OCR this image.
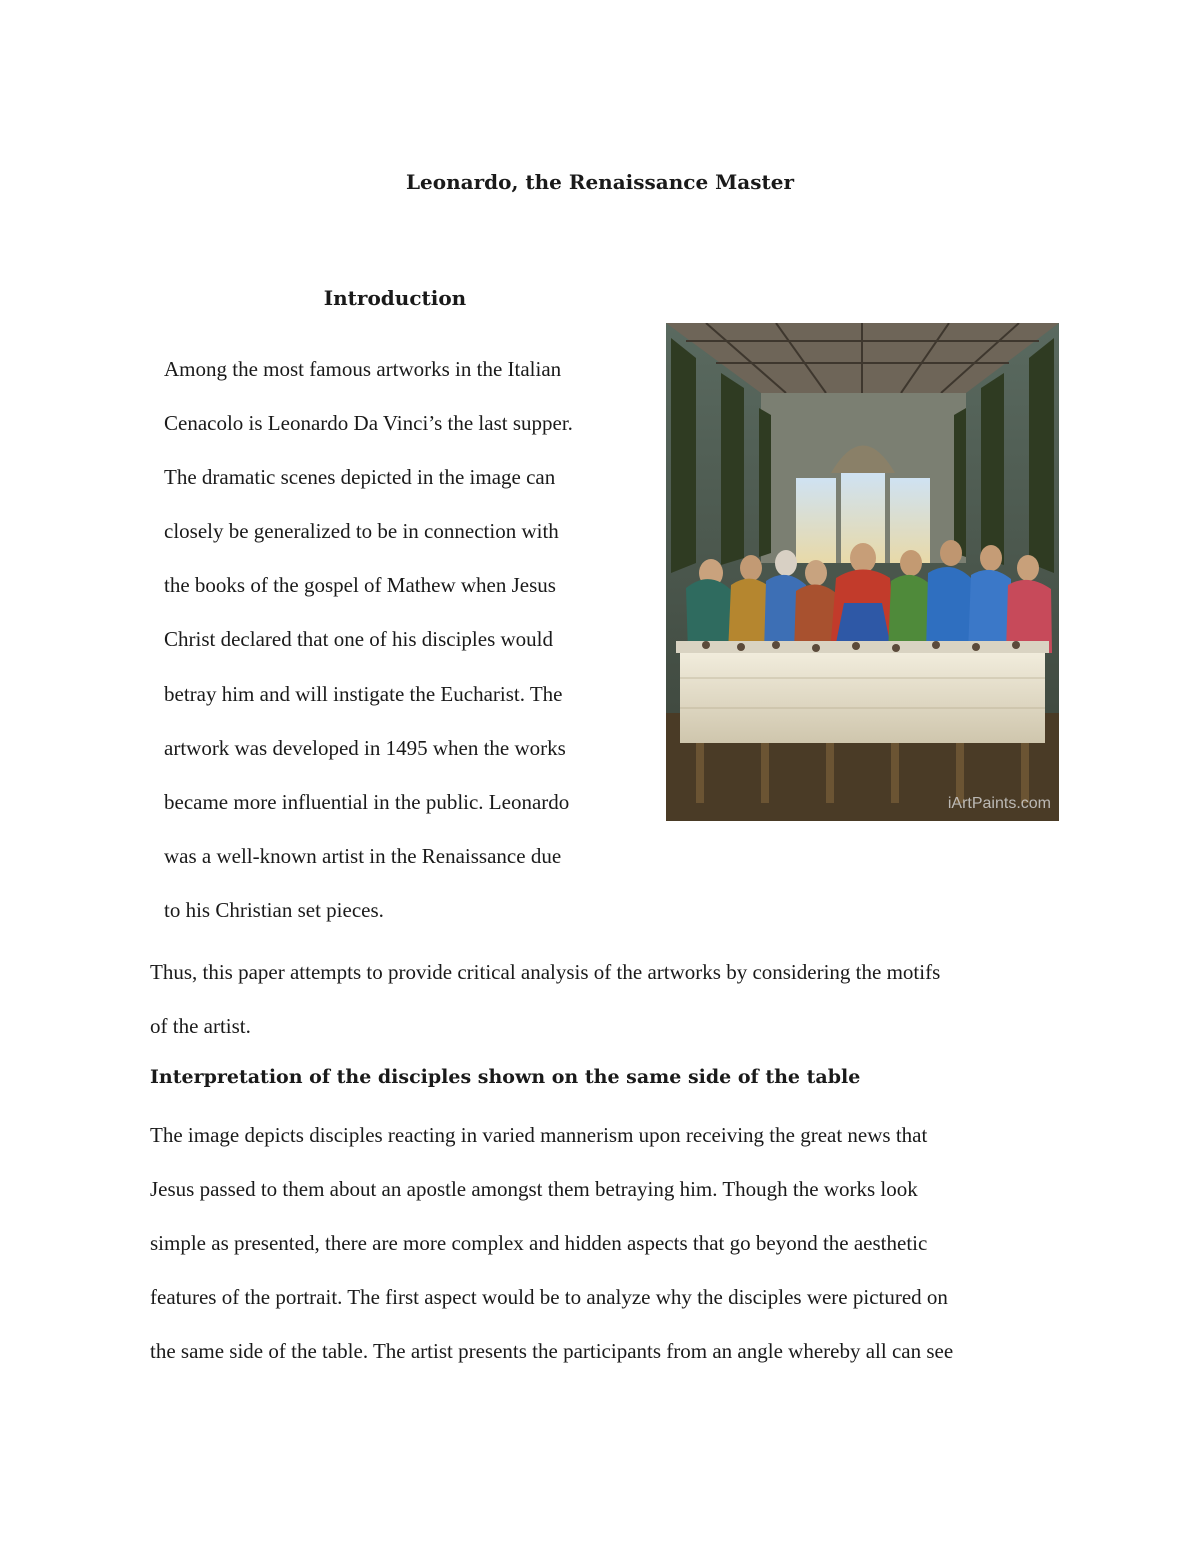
Leonardo, the Renaissance Master
Introduction
Among the most famous artworks in the Italian
Cenacolo is Leonardo Da Vinci’s the last supper.
The dramatic scenes depicted in the image can
closely be generalized to be in connection with
the books of the gospel of Mathew when Jesus
Christ declared that one of his disciples would
betray him and will instigate the Eucharist. The
artwork was developed in 1495 when the works
became more influential in the public. Leonardo
was a well-known artist in the Renaissance due
to his Christian set pieces.
iArtPaints.com
Thus, this paper attempts to provide critical analysis of the artworks by considering the motifs
of the artist.
Interpretation of the disciples shown on the same side of the table
The image depicts disciples reacting in varied mannerism upon receiving the great news that
Jesus passed to them about an apostle amongst them betraying him. Though the works look
simple as presented, there are more complex and hidden aspects that go beyond the aesthetic
features of the portrait. The first aspect would be to analyze why the disciples were pictured on
the same side of the table. The artist presents the participants from an angle whereby all can see
